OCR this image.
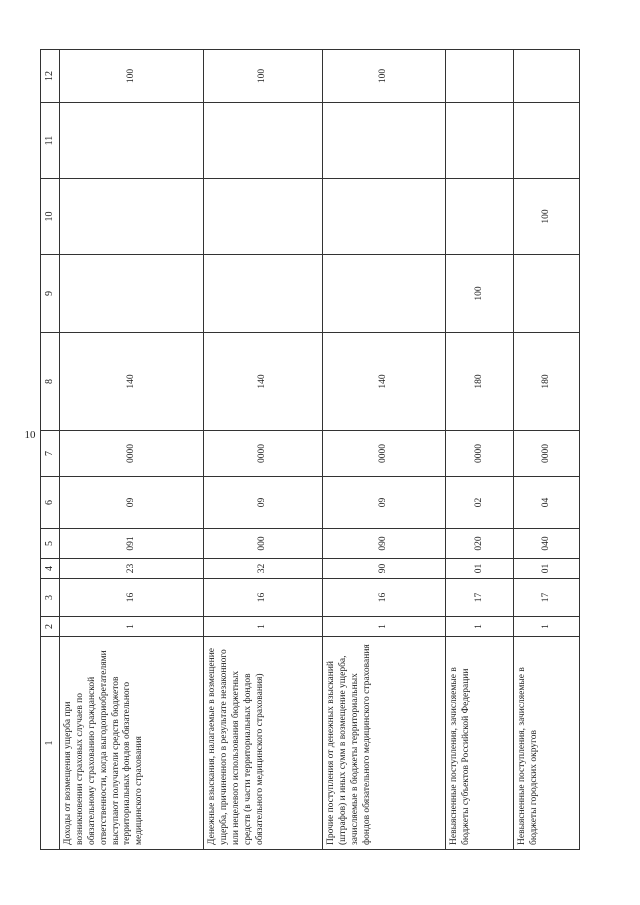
10
1	2	3	4	5	6	7	8	9	10	11	12
Доходы от возмещения ущерба при возникновении страховых случаев по обязательному страхованию гражданской ответственности, когда выгодоприобретателями выступают получатели средств бюджетов территориальных фондов обязательного медицинского страхования	1	16	23	091	09	0000	140				100
Денежные взыскания, налагаемые в возмещение ущерба, причиненного в результате незаконного или нецелевого использования бюджетных средств (в части территориальных фондов обязательного медицинского страхования)	1	16	32	000	09	0000	140				100
Прочие поступления от денежных взысканий (штрафов) и иных сумм в возмещение ущерба, зачисляемые в бюджеты территориальных фондов обязательного медицинского страхования	1	16	90	090	09	0000	140				100
Невыясненные поступления, зачисляемые в бюджеты субъектов Российской Федерации	1	17	01	020	02	0000	180	100			
Невыясненные поступления, зачисляемые в бюджеты городских округов	1	17	01	040	04	0000	180		100		
